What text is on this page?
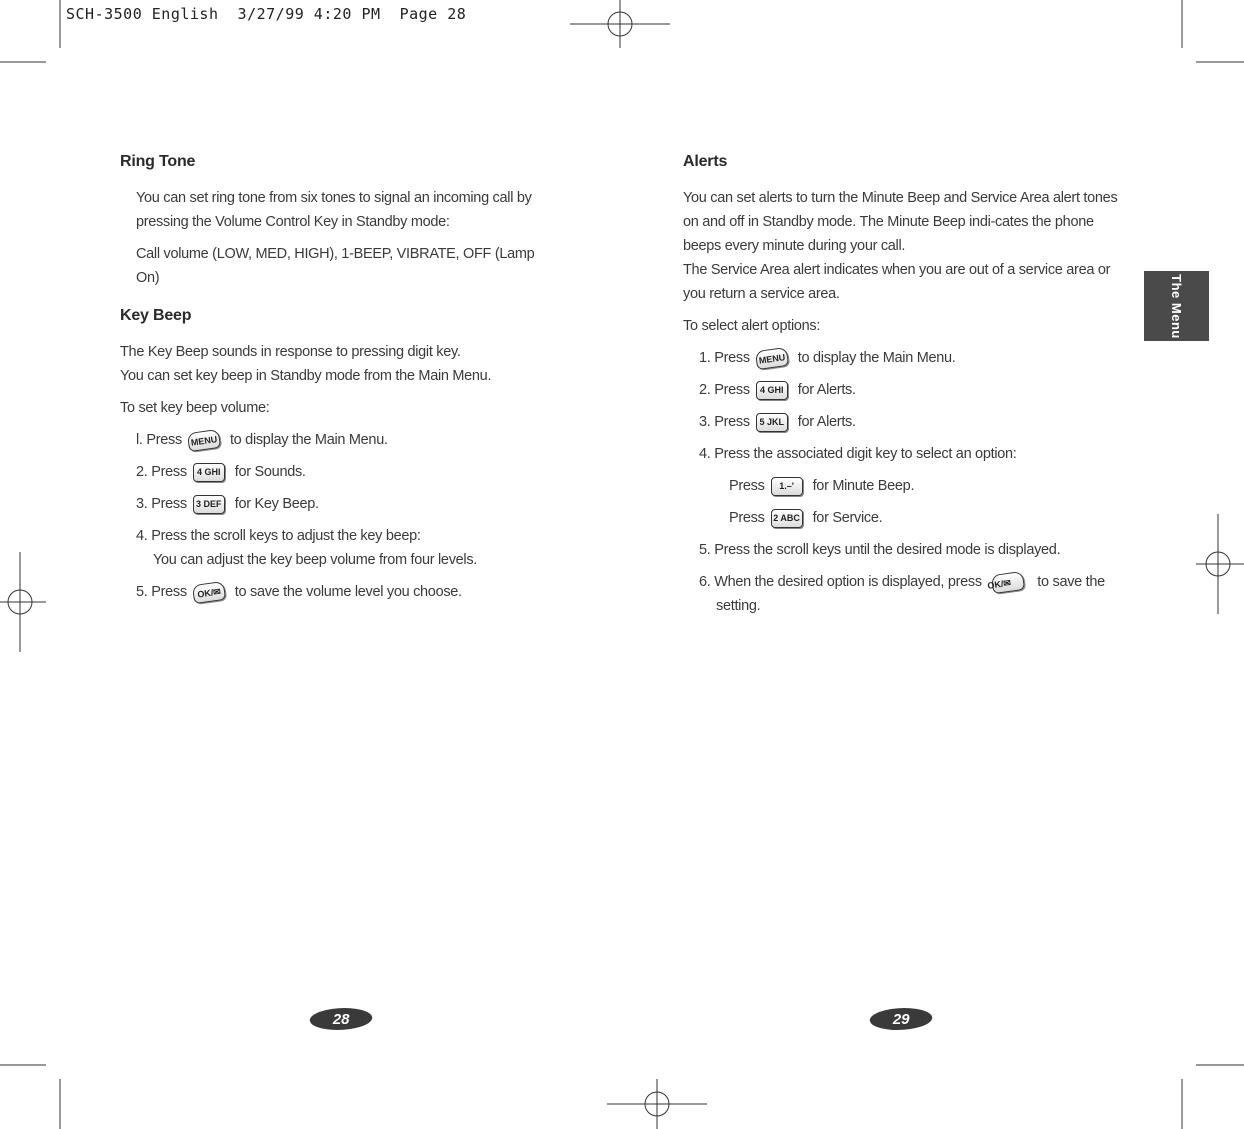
SCH-3500 English  3/27/99 4:20 PM  Page 28
Ring Tone

You can set ring tone from six tones to signal an incoming call by pressing the Volume Control Key in Standby mode:

Call volume (LOW, MED, HIGH), 1-BEEP, VIBRATE, OFF (Lamp On)

Key Beep

The Key Beep sounds in response to pressing digit key.

You can set key beep in Standby mode from the Main Menu.

To set key beep volume:

l. Press MENU to display the Main Menu.
2. Press	4 GHI for Sounds.
3. Press	3 DEF for Key Beep.
4. Press the scroll keys to adjust the key beep:
You can adjust the key beep volume from four levels.
5. Press	OK/✉ to save the volume level you choose.
Alerts

You can set alerts to turn the Minute Beep and Service Area alert tones on and off in Standby mode. The Minute Beep indi-cates the phone beeps every minute during your call.

The Service Area alert indicates when you are out of a service area or you return a service area.

To select alert options:

1. Press MENU to display the Main Menu.
2. Press	4 GHI for Alerts.
3. Press	5 JKL for Alerts.
4. Press the associated digit key to select an option:
Press	1.–'	for Minute Beep.
Press 2 ABC for Service.
5. Press the scroll keys until the desired mode is displayed.
6. When the desired option is displayed, press OK/✉ to save the setting.
The Menu
28	29
